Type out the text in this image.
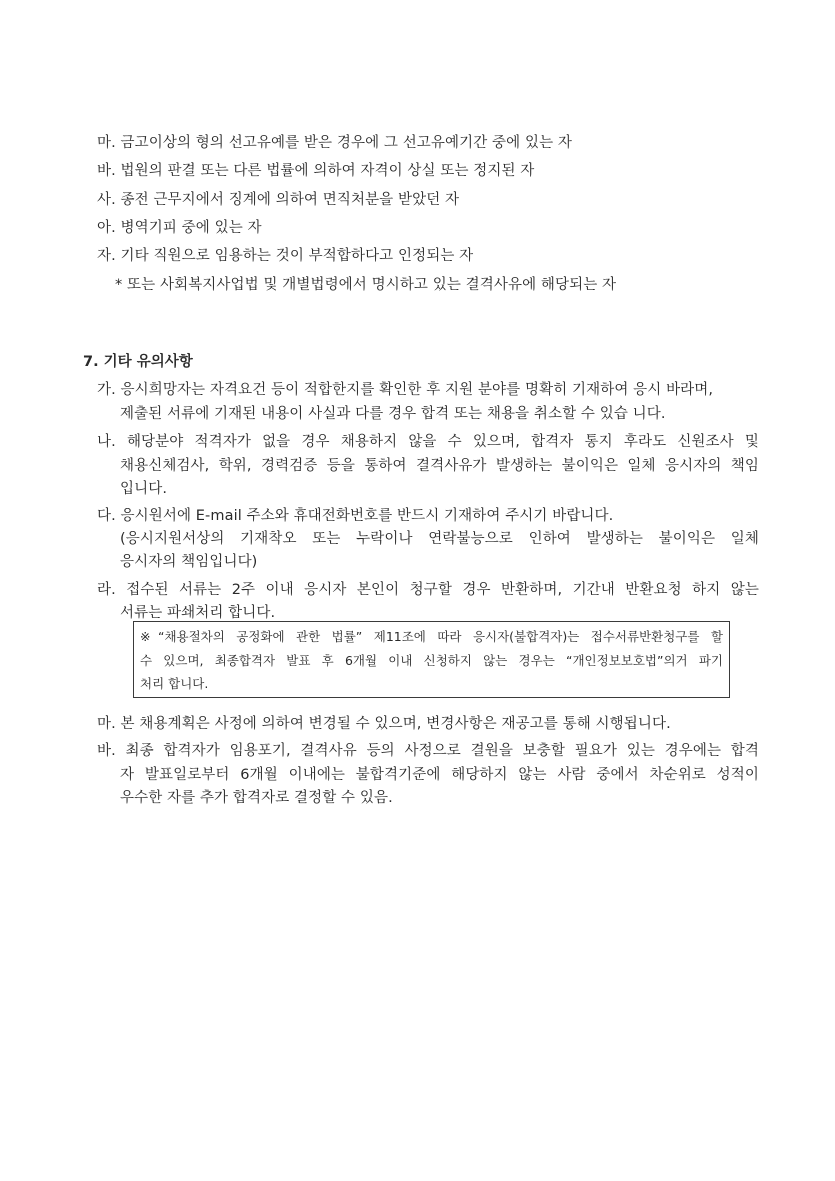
마. 금고이상의 형의 선고유예를 받은 경우에 그 선고유예기간 중에 있는 자
바. 법원의 판결 또는 다른 법률에 의하여 자격이 상실 또는 정지된 자
사. 종전 근무지에서 징계에 의하여 면직처분을 받았던 자
아. 병역기피 중에 있는 자
자. 기타 직원으로 임용하는 것이 부적합하다고 인정되는 자
* 또는 사회복지사업법 및 개별법령에서 명시하고 있는 결격사유에 해당되는 자
7. 기타 유의사항
가. 응시희망자는 자격요건 등이 적합한지를 확인한 후 지원 분야를 명확히 기재하여 응시 바라며,
제출된 서류에 기재된 내용이 사실과 다를 경우 합격 또는 채용을 취소할 수 있습 니다.
나. 해당분야 적격자가 없을 경우 채용하지 않을 수 있으며, 합격자 통지 후라도 신원조사 및
채용신체검사, 학위, 경력검증 등을 통하여 결격사유가 발생하는 불이익은 일체 응시자의 책임
입니다.
다. 응시원서에 E-mail 주소와 휴대전화번호를 반드시 기재하여 주시기 바랍니다.
(응시지원서상의 기재착오 또는 누락이나 연락불능으로 인하여 발생하는 불이익은 일체
응시자의 책임입니다)
라. 접수된 서류는 2주 이내 응시자 본인이 청구할 경우 반환하며, 기간내 반환요청 하지 않는
서류는 파쇄처리 합니다.
※“채용절차의 공정화에 관한 법률” 제11조에 따라 응시자(불합격자)는 접수서류반환청구를 할
수 있으며, 최종합격자 발표 후 6개월 이내 신청하지 않는 경우는 “개인정보보호법”의거 파기
처리 합니다.
마. 본 채용계획은 사정에 의하여 변경될 수 있으며, 변경사항은 재공고를 통해 시행됩니다.
바. 최종 합격자가 임용포기, 결격사유 등의 사정으로 결원을 보충할 필요가 있는 경우에는 합격
자 발표일로부터 6개월 이내에는 불합격기준에 해당하지 않는 사람 중에서 차순위로 성적이
우수한 자를 추가 합격자로 결정할 수 있음.
